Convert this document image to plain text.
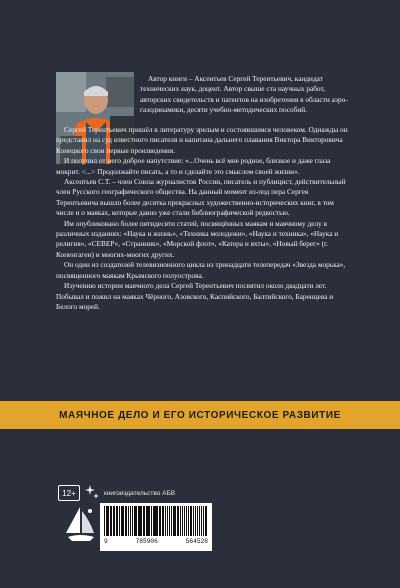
Автор книги – Аксентьев Сергей Терентьевич, кандидат технических наук, доцент. Автор свыше ста научных работ, авторских свидетельств и патентов на изобретения в области аэро-газодинамики, десяти учебно-методических пособий.

Сергей Терентьевич пришёл в литературу зрелым и состоявшимся человеком. Однажды он представил на суд известного писателя и капитана дальнего плавания Виктора Викторовича Конецкого свои первые произведения.

И получил от него доброе напутствие: «...Очень всё мне родное, близкое и даже глаза мокрит. <...> Продолжайте писать, а то и сделайте это смыслом своей жизни».

Аксентьев С.Т. – член Союза журналистов России, писатель и публицист, действительный член Русского географического общества. На данный момент из-под пера Сергея Терентьевича вышло более десятка прекрасных художественно-исторических книг, в том числе и о маяках, которые давно уже стали библиографической редкостью.

Им опубликовано более пятидесяти статей, посвящённых маякам и маячному делу в различных изданиях: «Наука и жизнь», «Техника молодежи», «Наука и техника», «Наука и религия», «СЕВЕР», «Странник», «Морской флот», «Катера и яхты», «Новый берег» (г. Копенгаген) и многих-многих других.

Он один из создателей телевизионного цикла из тринадцати телепередач «Звезда морька», посвященного маякам Крымского полуострова.

Изучению истории маячного дела Сергей Терентьевич посвятил около двадцати лет. Побывал и пожил на маяках Чёрного, Азовского, Каспийского, Балтийского, Баренцева и Белого морей.

МАЯЧНОЕ ДЕЛО И ЕГО ИСТОРИЧЕСКОЕ РАЗВИТИЕ
12+	книгоиздательство АБВ
9	785906	564528
